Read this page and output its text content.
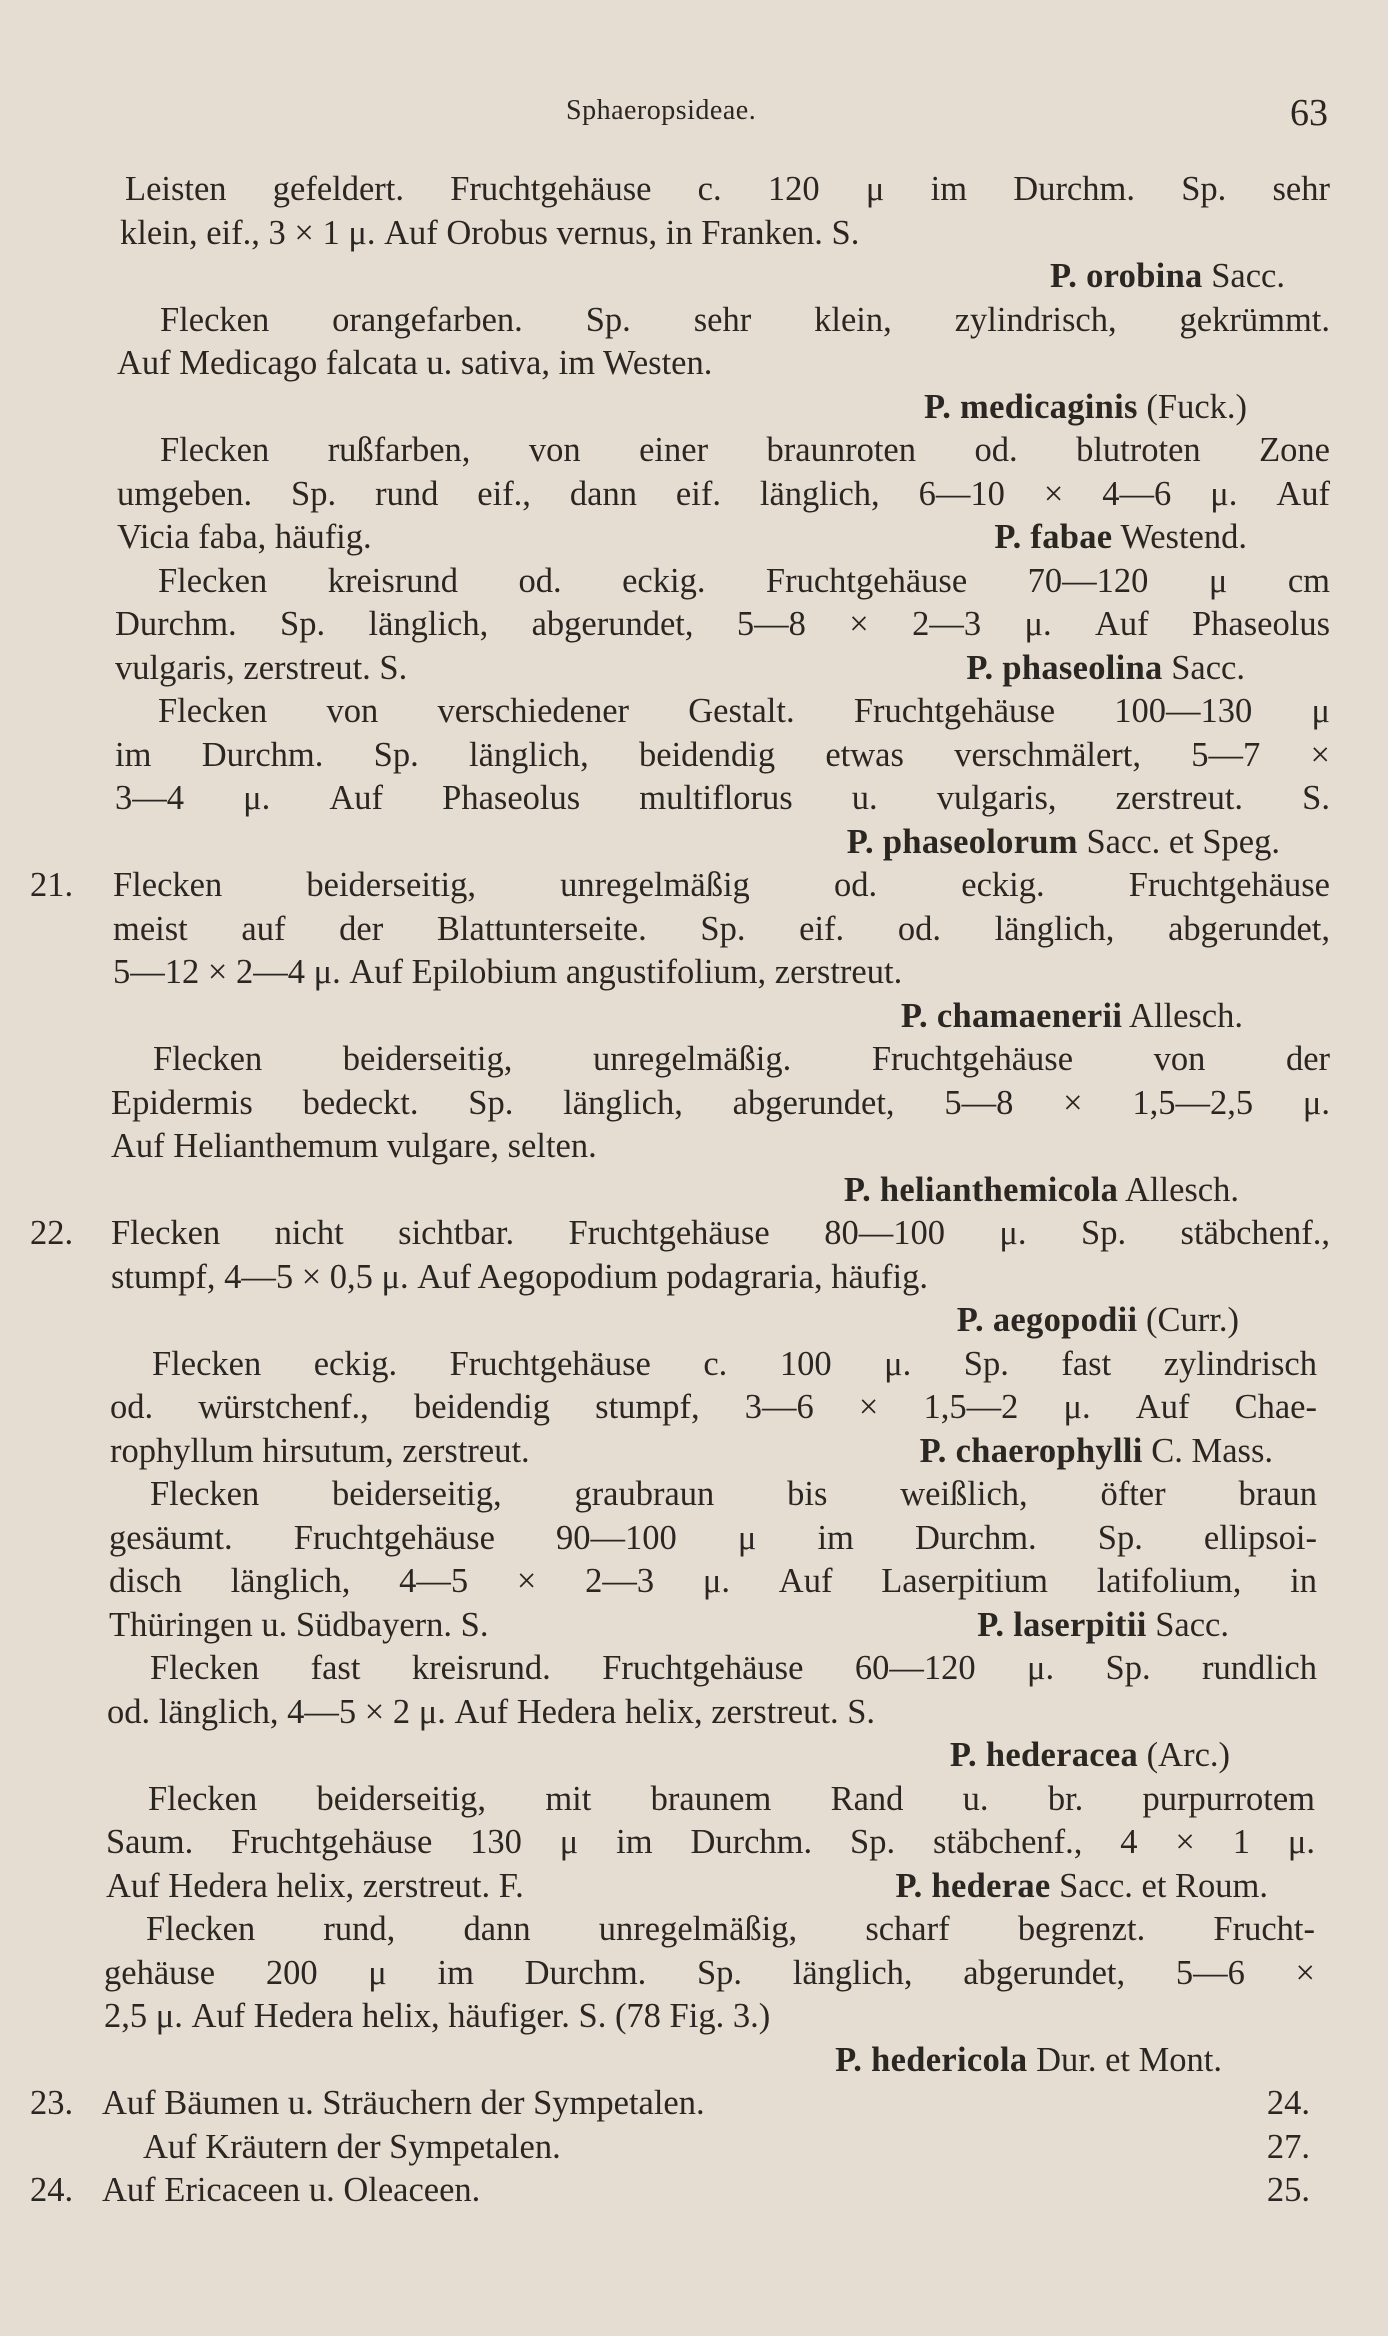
Sphaeropsideae.	63
Leisten gefeldert. Fruchtgehäuse c. 120 μ im Durchm. Sp. sehr
klein, eif., 3 × 1 μ. Auf Orobus vernus, in Franken. S.
P. orobina Sacc.
Flecken orangefarben. Sp. sehr klein, zylindrisch, gekrümmt.
Auf Medicago falcata u. sativa, im Westen.
P. medicaginis (Fuck.)
Flecken rußfarben, von einer braunroten od. blutroten Zone
umgeben. Sp. rund eif., dann eif. länglich, 6—10 × 4—6 μ. Auf
Vicia faba, häufig.	P. fabae Westend.
Flecken kreisrund od. eckig. Fruchtgehäuse 70—120 μ cm
Durchm. Sp. länglich, abgerundet, 5—8 × 2—3 μ. Auf Phaseolus
vulgaris, zerstreut. S.	P. phaseolina Sacc.
Flecken von verschiedener Gestalt. Fruchtgehäuse 100—130 μ
im Durchm. Sp. länglich, beidendig etwas verschmälert, 5—7 ×
3—4 μ. Auf Phaseolus multiflorus u. vulgaris, zerstreut. S.
P. phaseolorum Sacc. et Speg.
21. Flecken beiderseitig, unregelmäßig od. eckig. Fruchtgehäuse
meist auf der Blattunterseite. Sp. eif. od. länglich, abgerundet,
5—12 × 2—4 μ. Auf Epilobium angustifolium, zerstreut.
P. chamaenerii Allesch.
Flecken beiderseitig, unregelmäßig. Fruchtgehäuse von der
Epidermis bedeckt. Sp. länglich, abgerundet, 5—8 × 1,5—2,5 μ.
Auf Helianthemum vulgare, selten.
P. helianthemicola Allesch.
22. Flecken nicht sichtbar. Fruchtgehäuse 80—100 μ. Sp. stäbchenf.,
stumpf, 4—5 × 0,5 μ. Auf Aegopodium podagraria, häufig.
P. aegopodii (Curr.)
Flecken eckig. Fruchtgehäuse c. 100 μ. Sp. fast zylindrisch
od. würstchenf., beidendig stumpf, 3—6 × 1,5—2 μ. Auf Chae-
rophyllum hirsutum, zerstreut.	P. chaerophylli C. Mass.
Flecken beiderseitig, graubraun bis weißlich, öfter braun
gesäumt. Fruchtgehäuse 90—100 μ im Durchm. Sp. ellipsoi-
disch länglich, 4—5 × 2—3 μ. Auf Laserpitium latifolium, in
Thüringen u. Südbayern. S.	P. laserpitii Sacc.
Flecken fast kreisrund. Fruchtgehäuse 60—120 μ. Sp. rundlich
od. länglich, 4—5 × 2 μ. Auf Hedera helix, zerstreut. S.
P. hederacea (Arc.)
Flecken beiderseitig, mit braunem Rand u. br. purpurrotem
Saum. Fruchtgehäuse 130 μ im Durchm. Sp. stäbchenf., 4 × 1 μ.
Auf Hedera helix, zerstreut. F.	P. hederae Sacc. et Roum.
Flecken rund, dann unregelmäßig, scharf begrenzt. Frucht-
gehäuse 200 μ im Durchm. Sp. länglich, abgerundet, 5—6 ×
2,5 μ. Auf Hedera helix, häufiger. S. (78 Fig. 3.)
P. hedericola Dur. et Mont.
23. Auf Bäumen u. Sträuchern der Sympetalen.	24.
Auf Kräutern der Sympetalen.	27.
24. Auf Ericaceen u. Oleaceen.	25.
